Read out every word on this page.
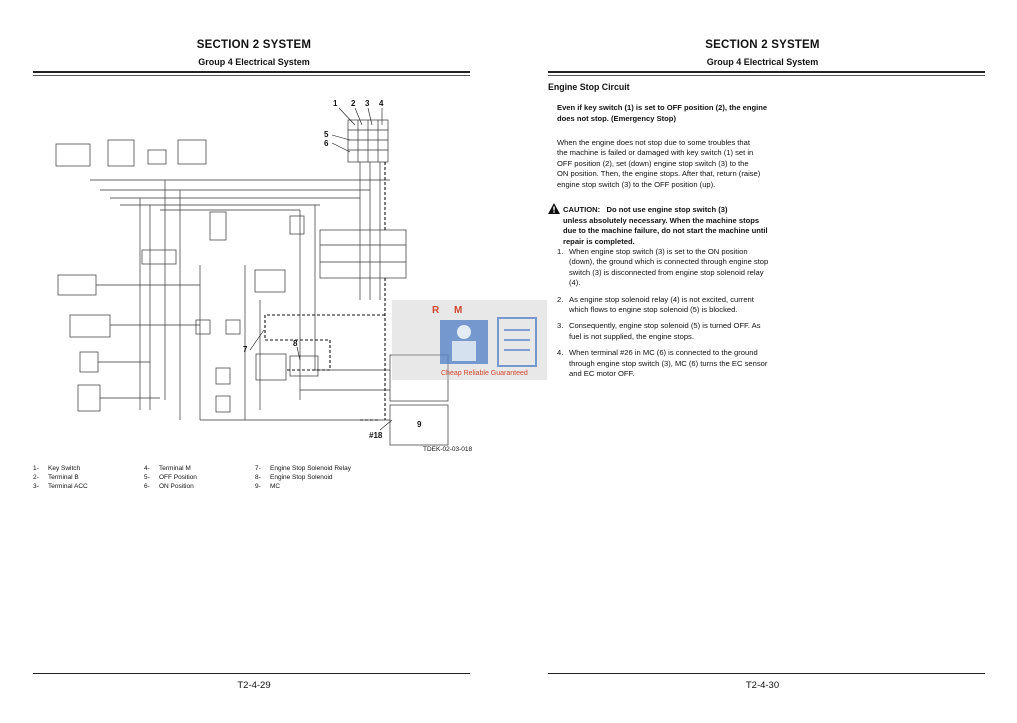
SECTION 2 SYSTEM
Group 4 Electrical System
1 2 3 4
5
6
7
8
9
#18
TDEK-02-03-018
1-	Key Switch
2-	Terminal B
3-	Terminal ACC
4-	Terminal M
5-	OFF Position
6-	ON Position
7-	Engine Stop Solenoid Relay
8-	Engine Stop Solenoid
9-	MC
T2-4-29
SECTION 2 SYSTEM
Group 4 Electrical System
Engine Stop Circuit
Even if key switch (1) is set to OFF position (2), the engine does not stop. (Emergency Stop)
When the engine does not stop due to some troubles that the machine is failed or damaged with key switch (1) set in OFF position (2), set (down) engine stop switch (3) to the ON position. Then, the engine stops. After that, return (raise) engine stop switch (3) to the OFF position (up).
CAUTION: Do not use engine stop switch (3)
unless absolutely necessary. When the machine stops due to the machine failure, do not start the machine until repair is completed.
1. When engine stop switch (3) is set to the ON position (down), the ground which is connected through engine stop switch (3) is disconnected from engine stop solenoid relay (4).
2. As engine stop solenoid relay (4) is not excited, current which flows to engine stop solenoid (5) is blocked.
3. Consequently, engine stop solenoid (5) is turned OFF. As fuel is not supplied, the engine stops.
4. When terminal #26 in MC (6) is connected to the ground through engine stop switch (3), MC (6) turns the EC sensor and EC motor OFF.
T2-4-30
R M
Cheap Reliable Guaranteed
